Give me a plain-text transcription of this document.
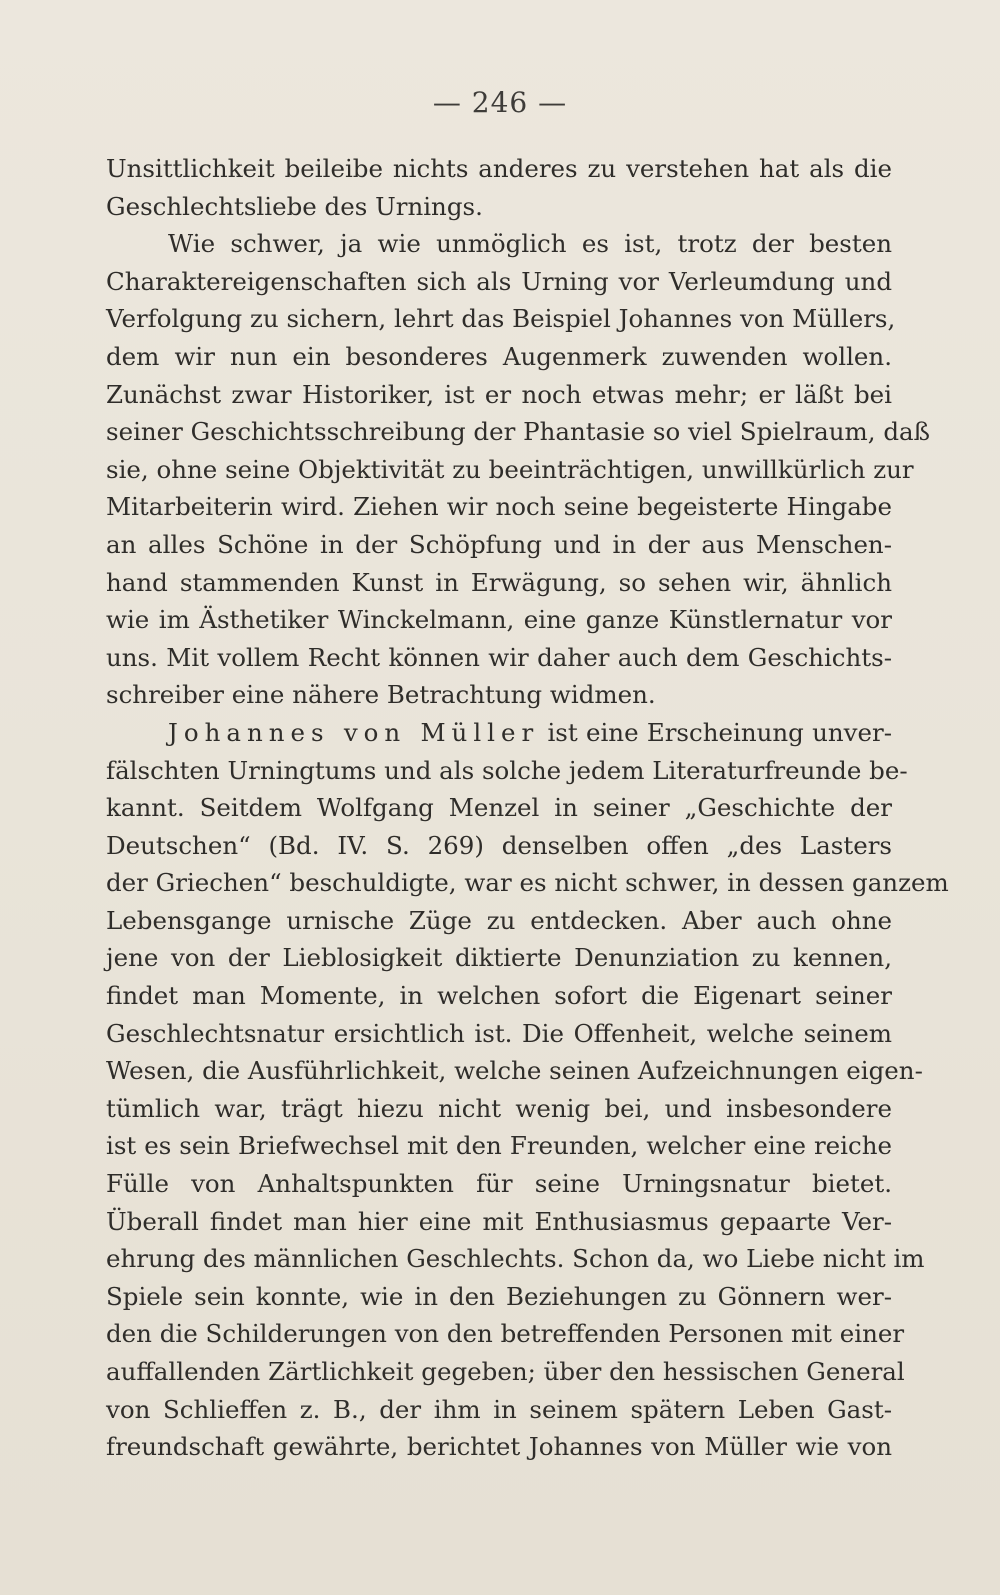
— 246 —
Unsittlichkeit beileibe nichts anderes zu verstehen hat als die
Geschlechtsliebe des Urnings.
Wie schwer, ja wie unmöglich es ist, trotz der besten
Charaktereigenschaften sich als Urning vor Verleumdung und
Verfolgung zu sichern, lehrt das Beispiel Johannes von Müllers,
dem wir nun ein besonderes Augenmerk zuwenden wollen.
Zunächst zwar Historiker, ist er noch etwas mehr; er läßt bei
seiner Geschichtsschreibung der Phantasie so viel Spielraum, daß
sie, ohne seine Objektivität zu beeinträchtigen, unwillkürlich zur
Mitarbeiterin wird. Ziehen wir noch seine begeisterte Hingabe
an alles Schöne in der Schöpfung und in der aus Menschen-
hand stammenden Kunst in Erwägung, so sehen wir, ähnlich
wie im Ästhetiker Winckelmann, eine ganze Künstlernatur vor
uns. Mit vollem Recht können wir daher auch dem Geschichts-
schreiber eine nähere Betrachtung widmen.
Johannes von Müller ist eine Erscheinung unver-
fälschten Urningtums und als solche jedem Literaturfreunde be-
kannt. Seitdem Wolfgang Menzel in seiner „Geschichte der
Deutschen“ (Bd. IV. S. 269) denselben offen „des Lasters
der Griechen“ beschuldigte, war es nicht schwer, in dessen ganzem
Lebensgange urnische Züge zu entdecken. Aber auch ohne
jene von der Lieblosigkeit diktierte Denunziation zu kennen,
findet man Momente, in welchen sofort die Eigenart seiner
Geschlechtsnatur ersichtlich ist. Die Offenheit, welche seinem
Wesen, die Ausführlichkeit, welche seinen Aufzeichnungen eigen-
tümlich war, trägt hiezu nicht wenig bei, und insbesondere
ist es sein Briefwechsel mit den Freunden, welcher eine reiche
Fülle von Anhaltspunkten für seine Urningsnatur bietet.
Überall findet man hier eine mit Enthusiasmus gepaarte Ver-
ehrung des männlichen Geschlechts. Schon da, wo Liebe nicht im
Spiele sein konnte, wie in den Beziehungen zu Gönnern wer-
den die Schilderungen von den betreffenden Personen mit einer
auffallenden Zärtlichkeit gegeben; über den hessischen General
von Schlieffen z. B., der ihm in seinem spätern Leben Gast-
freundschaft gewährte, berichtet Johannes von Müller wie von
